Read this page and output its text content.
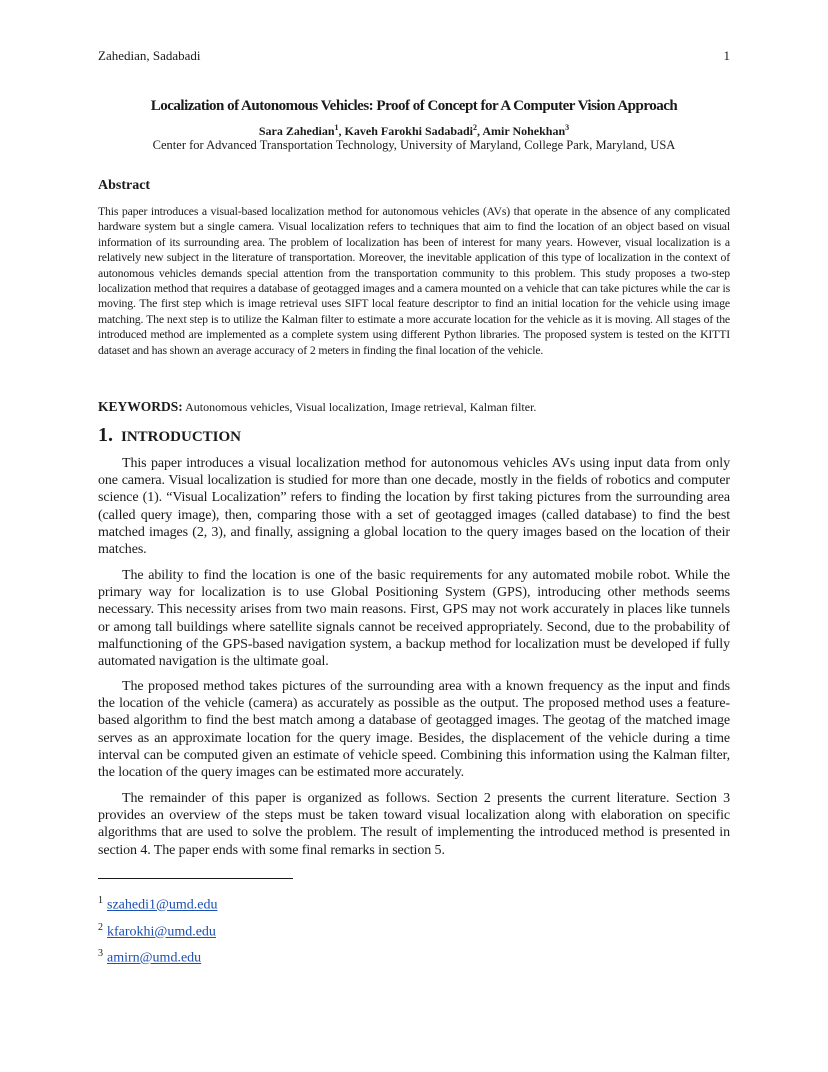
Zahedian, Sadabadi	1
Localization of Autonomous Vehicles: Proof of Concept for A Computer Vision Approach
Sara Zahedian$^1$, Kaveh Farokhi Sadabadi$^2$, Amir Nohekhan$^3$
Center for Advanced Transportation Technology, University of Maryland, College Park, Maryland, USA
Abstract

This paper introduces a visual-based localization method for autonomous vehicles (AVs) that operate in the absence of any complicated hardware system but a single camera. Visual localization refers to techniques that aim to find the location of an object based on visual information of its surrounding area. The problem of localization has been of interest for many years. However, visual localization is a relatively new subject in the literature of transportation. Moreover, the inevitable application of this type of localization in the context of autonomous vehicles demands special attention from the transportation community to this problem. This study proposes a two-step localization method that requires a database of geotagged images and a camera mounted on a vehicle that can take pictures while the car is moving. The first step which is image retrieval uses SIFT local feature descriptor to find an initial location for the vehicle using image matching. The next step is to utilize the Kalman filter to estimate a more accurate location for the vehicle as it is moving. All stages of the introduced method are implemented as a complete system using different Python libraries. The proposed system is tested on the KITTI dataset and has shown an average accuracy of 2 meters in finding the final location of the vehicle.

KEYWORDS: Autonomous vehicles, Visual localization, Image retrieval, Kalman filter.
1. INTRODUCTION

This paper introduces a visual localization method for autonomous vehicles AVs using input data from only one camera. Visual localization is studied for more than one decade, mostly in the fields of robotics and computer science (1). “Visual Localization” refers to finding the location by first taking pictures from the surrounding area (called query image), then, comparing those with a set of geotagged images (called database) to find the best matched images (2, 3), and finally, assigning a global location to the query images based on the location of their matches.

The ability to find the location is one of the basic requirements for any automated mobile robot. While the primary way for localization is to use Global Positioning System (GPS), introducing other methods seems necessary. This necessity arises from two main reasons. First, GPS may not work accurately in places like tunnels or among tall buildings where satellite signals cannot be received appropriately. Second, due to the probability of malfunctioning of the GPS-based navigation system, a backup method for localization must be developed if fully automated navigation is the ultimate goal.

The proposed method takes pictures of the surrounding area with a known frequency as the input and finds the location of the vehicle (camera) as accurately as possible as the output. The proposed method uses a feature-based algorithm to find the best match among a database of geotagged images. The geotag of the matched image serves as an approximate location for the query image. Besides, the displacement of the vehicle during a time interval can be computed given an estimate of vehicle speed. Combining this information using the Kalman filter, the location of the query images can be estimated more accurately.

The remainder of this paper is organized as follows. Section 2 presents the current literature. Section 3 provides an overview of the steps must be taken toward visual localization along with elaboration on specific algorithms that are used to solve the problem. The result of implementing the introduced method is presented in section 4. The paper ends with some final remarks in section 5.

$^1$ szahedi1@umd.edu
$^2$ kfarokhi@umd.edu
$^3$ amirn@umd.edu
